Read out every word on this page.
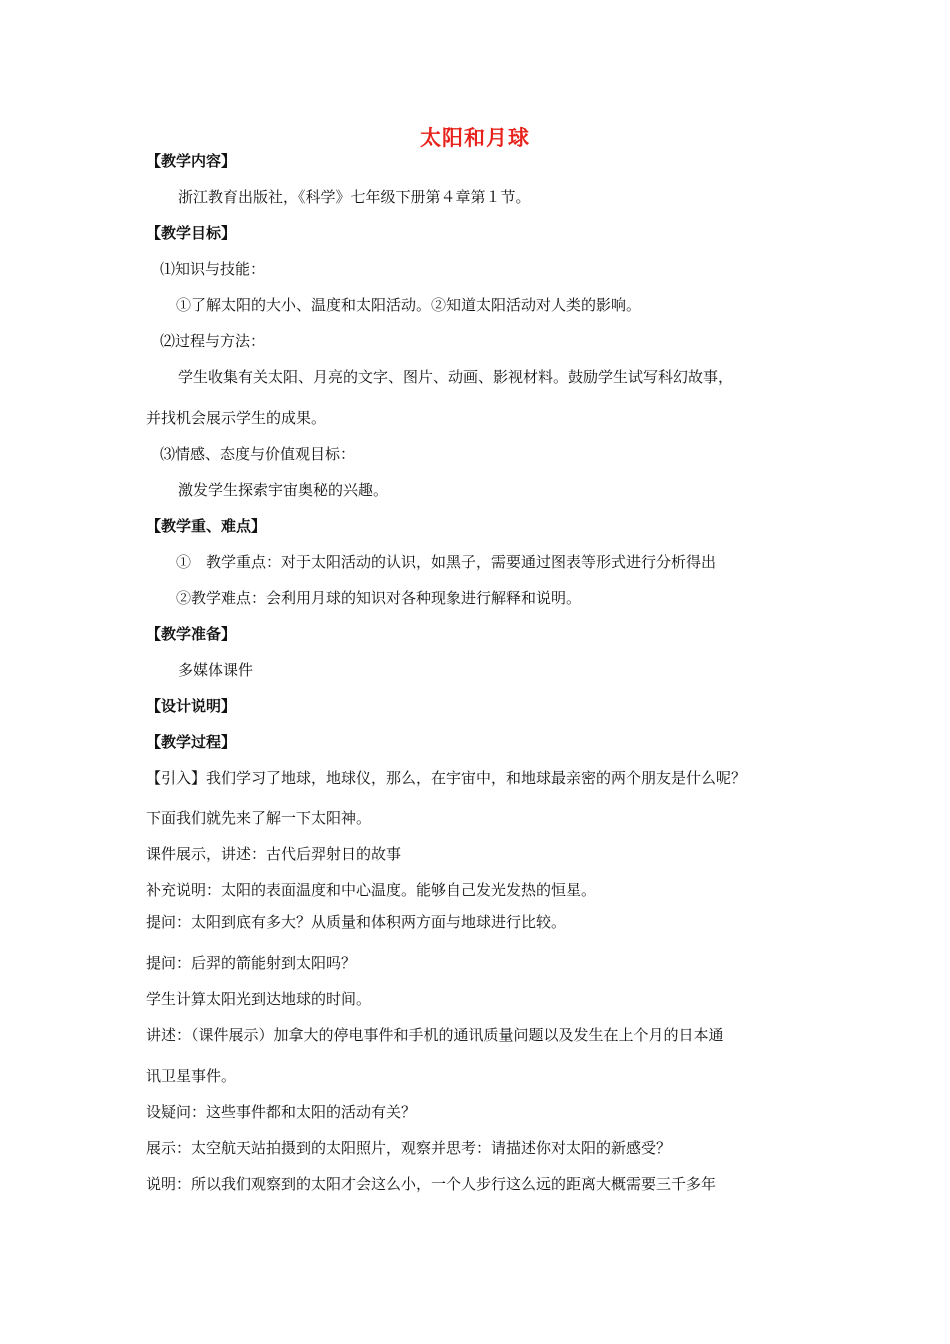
太阳和月球
【教学内容】
浙江教育出版社，《科学》七年级下册第４章第１节。
【教学目标】
⑴知识与技能：
①了解太阳的大小、温度和太阳活动。②知道太阳活动对人类的影响。
⑵过程与方法：
学生收集有关太阳、月亮的文字、图片、动画、影视材料。鼓励学生试写科幻故事，
并找机会展示学生的成果。
⑶情感、态度与价值观目标：
激发学生探索宇宙奥秘的兴趣。
【教学重、难点】
①　教学重点：对于太阳活动的认识，如黑子，需要通过图表等形式进行分析得出
②教学难点：会利用月球的知识对各种现象进行解释和说明。
【教学准备】
多媒体课件
【设计说明】
【教学过程】
【引入】我们学习了地球，地球仪，那么，在宇宙中，和地球最亲密的两个朋友是什么呢？
下面我们就先来了解一下太阳神。
课件展示，讲述：古代后羿射日的故事
补充说明：太阳的表面温度和中心温度。能够自己发光发热的恒星。
提问：太阳到底有多大？从质量和体积两方面与地球进行比较。
提问：后羿的箭能射到太阳吗？
学生计算太阳光到达地球的时间。
讲述：（课件展示）加拿大的停电事件和手机的通讯质量问题以及发生在上个月的日本通
讯卫星事件。
设疑问：这些事件都和太阳的活动有关？
展示：太空航天站拍摄到的太阳照片，观察并思考：请描述你对太阳的新感受？
说明：所以我们观察到的太阳才会这么小，一个人步行这么远的距离大概需要三千多年
